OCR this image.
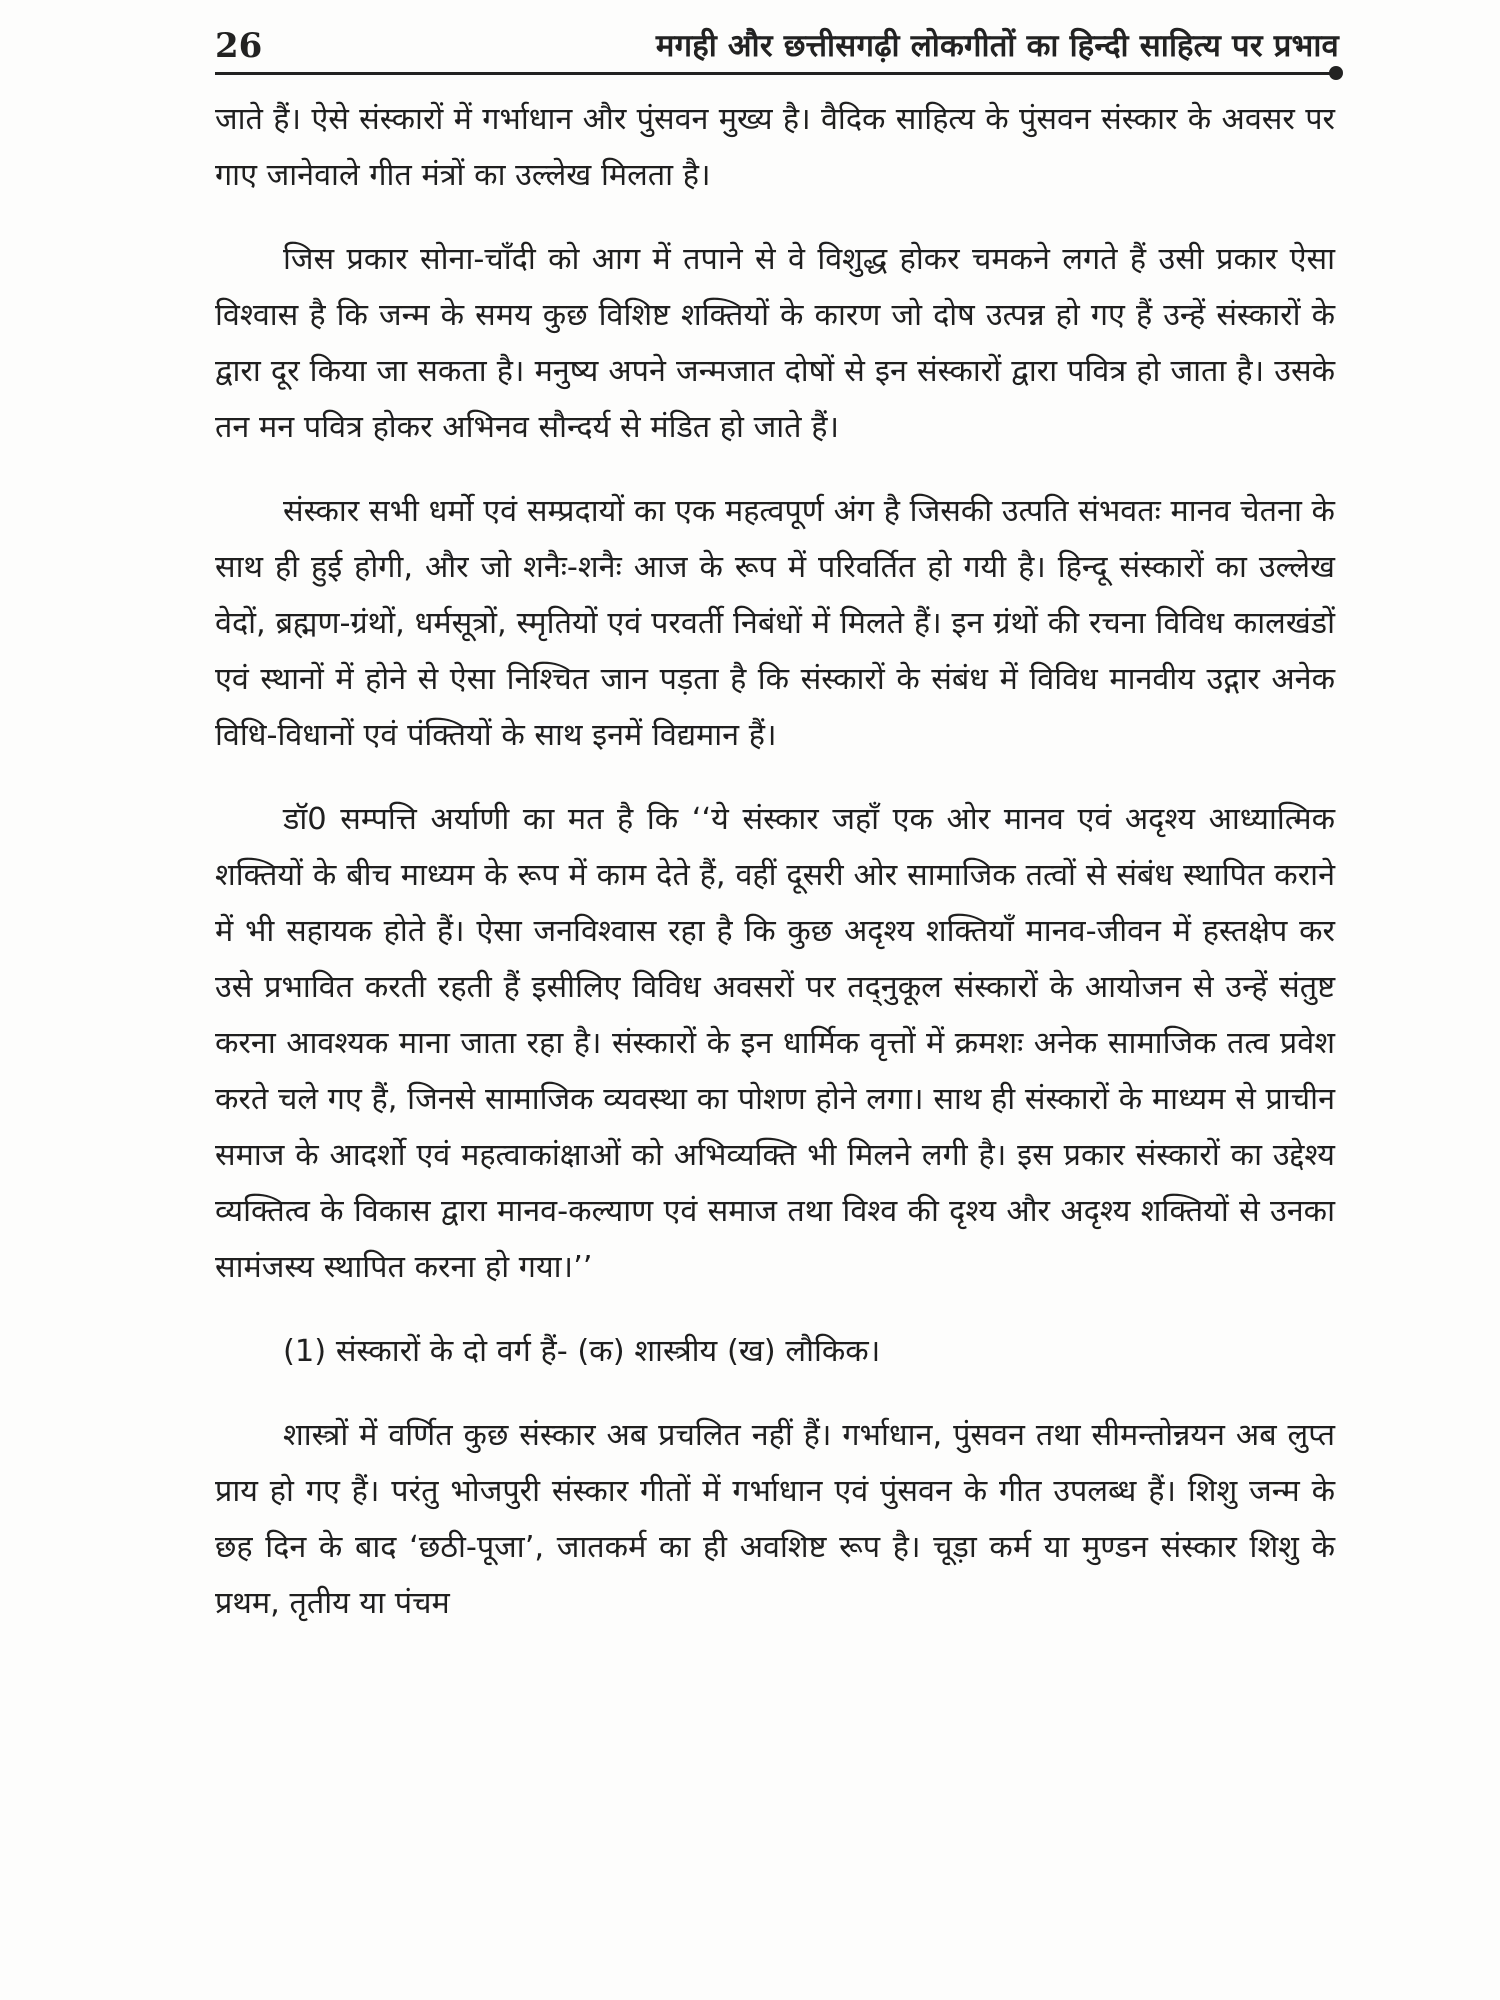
26	मगही और छत्तीसगढ़ी लोकगीतों का हिन्दी साहित्य पर प्रभाव

जाते हैं। ऐसे संस्कारों में गर्भाधान और पुंसवन मुख्य है। वैदिक साहित्य के पुंसवन संस्कार के अवसर पर गाए जानेवाले गीत मंत्रों का उल्लेख मिलता है।

जिस प्रकार सोना-चाँदी को आग में तपाने से वे विशुद्ध होकर चमकने लगते हैं उसी प्रकार ऐसा विश्वास है कि जन्म के समय कुछ विशिष्ट शक्तियों के कारण जो दोष उत्पन्न हो गए हैं उन्हें संस्कारों के द्वारा दूर किया जा सकता है। मनुष्य अपने जन्मजात दोषों से इन संस्कारों द्वारा पवित्र हो जाता है। उसके तन मन पवित्र होकर अभिनव सौन्दर्य से मंडित हो जाते हैं।

संस्कार सभी धर्मो एवं सम्प्रदायों का एक महत्वपूर्ण अंग है जिसकी उत्पति संभवतः मानव चेतना के साथ ही हुई होगी, और जो शनैः-शनैः आज के रूप में परिवर्तित हो गयी है। हिन्दू संस्कारों का उल्लेख वेदों, ब्रह्मण-ग्रंथों, धर्मसूत्रों, स्मृतियों एवं परवर्ती निबंधों में मिलते हैं। इन ग्रंथों की रचना विविध कालखंडों एवं स्थानों में होने से ऐसा निश्चित जान पड़ता है कि संस्कारों के संबंध में विविध मानवीय उद्गार अनेक विधि-विधानों एवं पंक्तियों के साथ इनमें विद्यमान हैं।

डॉ0 सम्पत्ति अर्याणी का मत है कि ‘‘ये संस्कार जहाँ एक ओर मानव एवं अदृश्य आध्यात्मिक शक्तियों के बीच माध्यम के रूप में काम देते हैं, वहीं दूसरी ओर सामाजिक तत्वों से संबंध स्थापित कराने में भी सहायक होते हैं। ऐसा जनविश्वास रहा है कि कुछ अदृश्य शक्तियाँ मानव-जीवन में हस्तक्षेप कर उसे प्रभावित करती रहती हैं इसीलिए विविध अवसरों पर तद्नुकूल संस्कारों के आयोजन से उन्हें संतुष्ट करना आवश्यक माना जाता रहा है। संस्कारों के इन धार्मिक वृत्तों में क्रमशः अनेक सामाजिक तत्व प्रवेश करते चले गए हैं, जिनसे सामाजिक व्यवस्था का पोशण होने लगा। साथ ही संस्कारों के माध्यम से प्राचीन समाज के आदर्शो एवं महत्वाकांक्षाओं को अभिव्यक्ति भी मिलने लगी है। इस प्रकार संस्कारों का उद्देश्य व्यक्तित्व के विकास द्वारा मानव-कल्याण एवं समाज तथा विश्व की दृश्य और अदृश्य शक्तियों से उनका सामंजस्य स्थापित करना हो गया।’’

(1) संस्कारों के दो वर्ग हैं- (क) शास्त्रीय (ख) लौकिक।

शास्त्रों में वर्णित कुछ संस्कार अब प्रचलित नहीं हैं। गर्भाधान, पुंसवन तथा सीमन्तोन्नयन अब लुप्त प्राय हो गए हैं। परंतु भोजपुरी संस्कार गीतों में गर्भाधान एवं पुंसवन के गीत उपलब्ध हैं। शिशु जन्म के छह दिन के बाद ‘छठी-पूजा’, जातकर्म का ही अवशिष्ट रूप है। चूड़ा कर्म या मुण्डन संस्कार शिशु के प्रथम, तृतीय या पंचम
